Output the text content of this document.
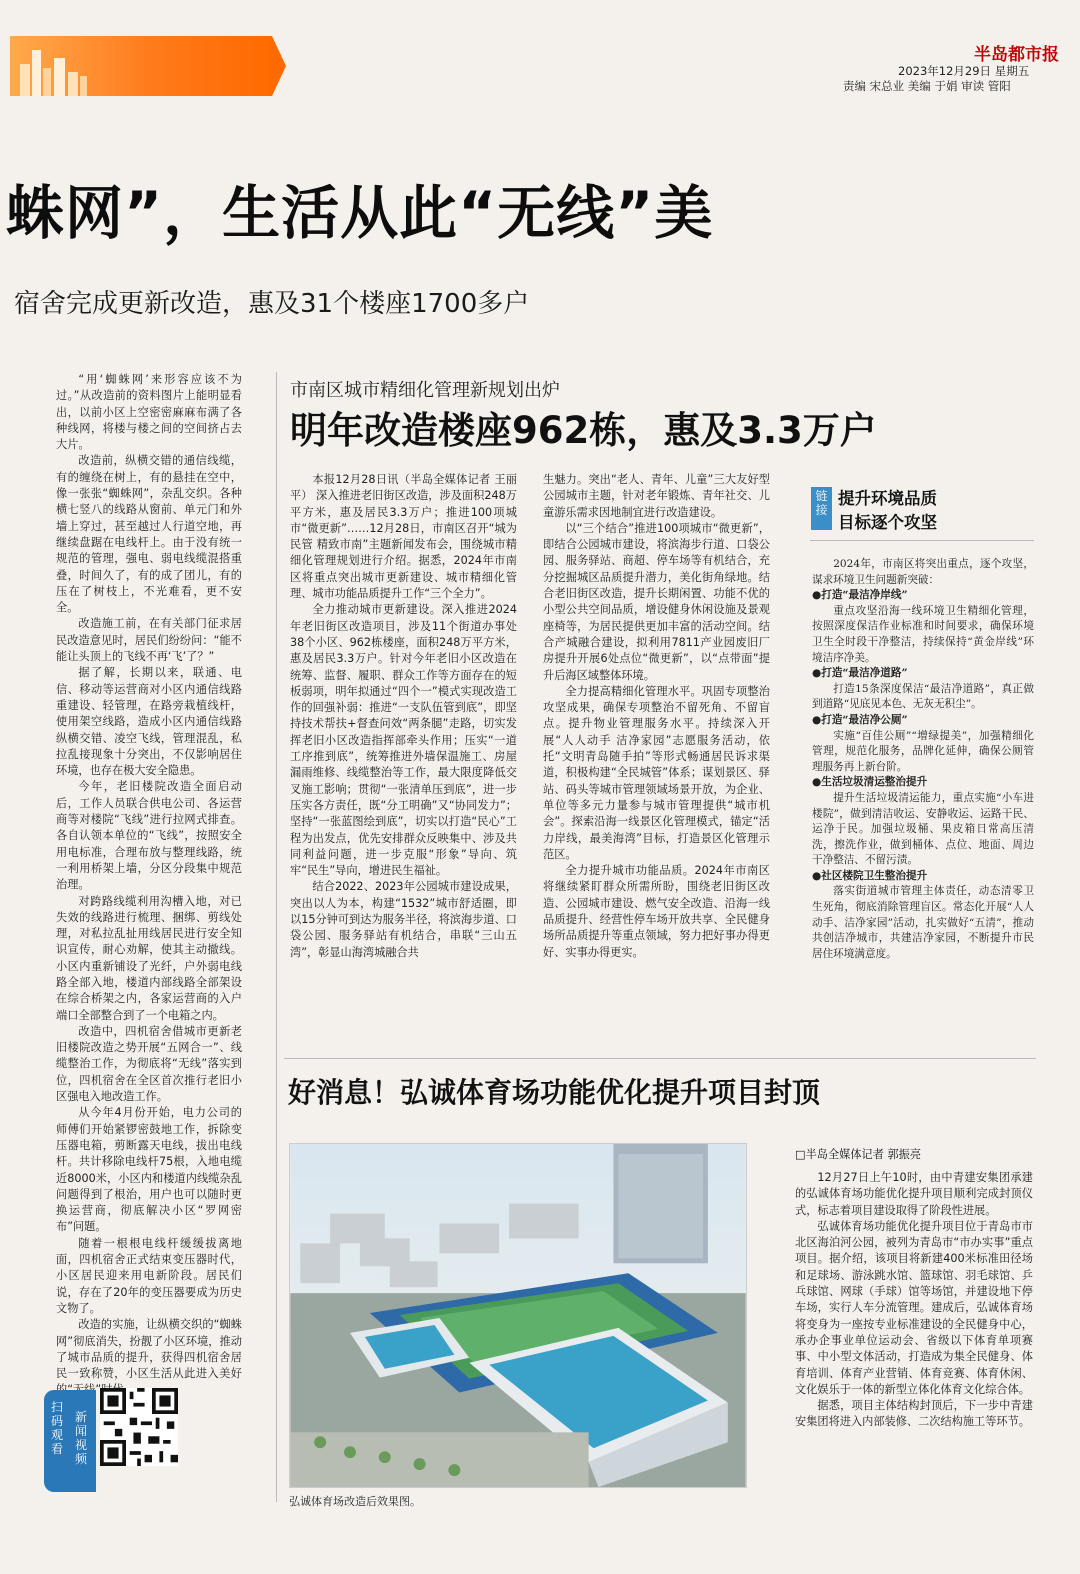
半岛都市报
2023年12月29日 星期五
责编 宋总业 美编 于娟 审读 管阳
蛛网”，生活从此“无线”美
宿舍完成更新改造，惠及31个楼座1700多户

“用‘蜘蛛网’来形容应该不为过。”从改造前的资料图片上能明显看出，以前小区上空密密麻麻布满了各种线网，将楼与楼之间的空间挤占去大片。

改造前，纵横交错的通信线缆，有的缠绕在树上，有的悬挂在空中，像一张张“蜘蛛网”，杂乱交织。各种横七竖八的线路从窗前、单元门和外墙上穿过，甚至越过人行道空地，再继续盘踞在电线杆上。由于没有统一规范的管理，强电、弱电线缆混搭重叠，时间久了，有的成了团儿，有的压在了树枝上，不光难看，更不安全。

改造施工前，在有关部门征求居民改造意见时，居民们纷纷问：“能不能让头顶上的飞线不再‘飞’了？”

据了解，长期以来，联通、电信、移动等运营商对小区内通信线路重建设、轻管理，在路旁栽植线杆，使用架空线路，造成小区内通信线路纵横交错、凌空飞线，管理混乱，私拉乱接现象十分突出，不仅影响居住环境，也存在极大安全隐患。

今年，老旧楼院改造全面启动后，工作人员联合供电公司、各运营商等对楼院“飞线”进行拉网式排查。各自认领本单位的“飞线”，按照安全用电标准，合理布放与整理线路，统一利用桥架上墙，分区分段集中规范治理。

对跨路线缆利用沟槽入地，对已失效的线路进行梳理、捆绑、剪线处理，对私拉乱扯用线居民进行安全知识宣传，耐心劝解，使其主动撤线。小区内重新铺设了光纤，户外弱电线路全部入地，楼道内部线路全部架设在综合桥架之内，各家运营商的入户端口全部整合到了一个电箱之内。

改造中，四机宿舍借城市更新老旧楼院改造之势开展“五网合一”、线缆整治工作，为彻底将“无线”落实到位，四机宿舍在全区首次推行老旧小区强电入地改造工作。

从今年4月份开始，电力公司的师傅们开始紧锣密鼓地工作，拆除变压器电箱，剪断露天电线，拔出电线杆。共计移除电线杆75根，入地电缆近8000米，小区内和楼道内线缆杂乱问题得到了根治，用户也可以随时更换运营商，彻底解决小区“罗网密布”问题。

随着一根根电线杆缓缓拔离地面，四机宿舍正式结束变压器时代，小区居民迎来用电新阶段。居民们说，存在了20年的变压器要成为历史文物了。

改造的实施，让纵横交织的“蜘蛛网”彻底消失，扮靓了小区环境，推动了城市品质的提升，获得四机宿舍居民一致称赞，小区生活从此进入美好 ”

扫码观看
新闻视频
市南区城市精细化管理新规划出炉
明年改造楼座962栋，惠及3.3万户

本报12月28日讯（半岛全媒体记者 王丽平） 深入推进老旧街区改造，涉及面积248万平方米，惠及居民3.3万户；推进100项城市“微更新”……12月28日，市南区召开“城为民管 精致市南”主题新闻发布会，围绕城市精细化管理规划进行介绍。据悉，2024年市南区将重点突出城市更新建设、城市精细化管理、城市功能品质提升工作“三个全力”。

全力推动城市更新建设。深入推进2024年老旧街区改造项目，涉及11个街道办事处38个小区、962栋楼座，面积248万平方米，惠及居民3.3万户。针对今年老旧小区改造在统筹、监督、履职、群众工作等方面存在的短板弱项，明年拟通过“四个一”模式实现改造工作的回强补弱：推进“一支队伍管到底”，即坚持技术帮扶+督查问效“两条腿”走路，切实发挥老旧小区改造指挥部牵头作用；压实“一道工序推到底”，统筹推进外墙保温施工、房屋漏雨维修、线缆整治等工作，最大限度降低交叉施工影响；贯彻“一张清单压到底”，进一步压实各方责任，既“分工明确”又“协同发力”；坚持“一张蓝图绘到底”，切实以打造“民心”工程为出发点，优先安排群众反映集中、涉及共同利益问题，进一步克服“形象”导向、筑牢“民生”导向，增进民生福祉。

结合2022、2023年公园城市建设成果，突出以人为本，构建“1532”城市舒适圈，即以15分钟可到达为服务半径，将滨海步道、口袋公园、服务驿站有机结合，串联“三山五湾”，彰显山海湾城融合共

生魅力。突出“老人、青年、儿童”三大友好型公园城市主题，针对老年锻炼、青年社交、儿童游乐需求因地制宜进行改造建设。

以“三个结合”推进100项城市“微更新”，即结合公园城市建设，将滨海步行道、口袋公园、服务驿站、商超、停车场等有机结合，充分挖掘城区品质提升潜力，美化街角绿地。结合老旧街区改造，提升长期闲置、功能不优的小型公共空间品质，增设健身休闲设施及景观座椅等，为居民提供更加丰富的活动空间。结合产城融合建设，拟利用7811产业园废旧厂房提升开展6处点位“微更新”，以“点带面”提升后海区域整体环境。

全力提高精细化管理水平。巩固专项整治攻坚成果，确保专项整治不留死角、不留盲点。提升物业管理服务水平。持续深入开展“人人动手 洁净家园”志愿服务活动，依托“文明青岛随手拍”等形式畅通居民诉求渠道，积极构建“全民城管”体系；谋划景区、驿站、码头等城市管理领域场景开放，为企业、单位等多元力量参与城市管理提供“城市机会”。探索沿海一线景区化管理模式，锚定“活力岸线，最美海湾”目标，打造景区化管理示范区。

全力提升城市功能品质。2024年市南区将继续紧盯群众所需所盼，围绕老旧街区改造、公园城市建设、燃气安全改造、沿海一线品质提升、经营性停车场开放共享、全民健身场所品质提升等重点领域，努力把好事办得更好、实事办得更实。

链接
提升环境品质
目标逐个攻坚

2024年，市南区将突出重点，逐个攻坚，谋求环境卫生问题新突破：

●打造“最洁净岸线”

重点攻坚沿海一线环境卫生精细化管理，按照深度保洁作业标准和时间要求，确保环境卫生全时段干净整洁，持续保持“黄金岸线”环境洁序净美。

●打造“最洁净道路”

打造15条深度保洁“最洁净道路”，真正做到道路“见底见本色、无灰无积尘”。

●打造“最洁净公厕”

实施“百佳公厕”“增绿提美”，加强精细化管理，规范化服务，品牌化延伸，确保公厕管理服务再上新台阶。

●生活垃圾清运整治提升

提升生活垃圾清运能力，重点实施“小车进楼院”，做到清洁收运、安静收运、运路干民、运净于民。加强垃圾桶、果皮箱日常高压清洗，擦洗作业，做到桶体、点位、地面、周边干净整洁、不留污渍。

●社区楼院卫生整治提升

落实街道城市管理主体责任，动态清零卫生死角，彻底消除管理盲区。常态化开展“人人动手、洁净家园”活动，扎实做好“五清”，推动共创洁净城市，共建洁净家园，不断提升市民居住环境满意度。

好消息！弘诚体育场功能优化提升项目封顶
弘诚体育场改造后效果图。
□半岛全媒体记者 郭振亮

12月27日上午10时，由中青建安集团承建的弘诚体育场功能优化提升项目顺利完成封顶仪式，标志着项目建设取得了阶段性进展。

弘诚体育场功能优化提升项目位于青岛市市北区海泊河公园，被列为青岛市“市办实事”重点项目。据介绍，该项目将新建400米标准田径场和足球场、游泳跳水馆、篮球馆、羽毛球馆、乒乓球馆、网球（手球）馆等场馆，并建设地下停车场，实行人车分流管理。建成后，弘诚体育场将变身为一座按专业标准建设的全民健身中心，承办企事业单位运动会、省级以下体育单项赛事、中小型文体活动，打造成为集全民健身、体育培训、体育产业营销、体育竞赛、体育休闲、文化娱乐于一体的新型立体化体育文化综合体。

据悉，项目主体结构封顶后，下一步中青建安集团将进入内部装修、二次结构施工等环节。
